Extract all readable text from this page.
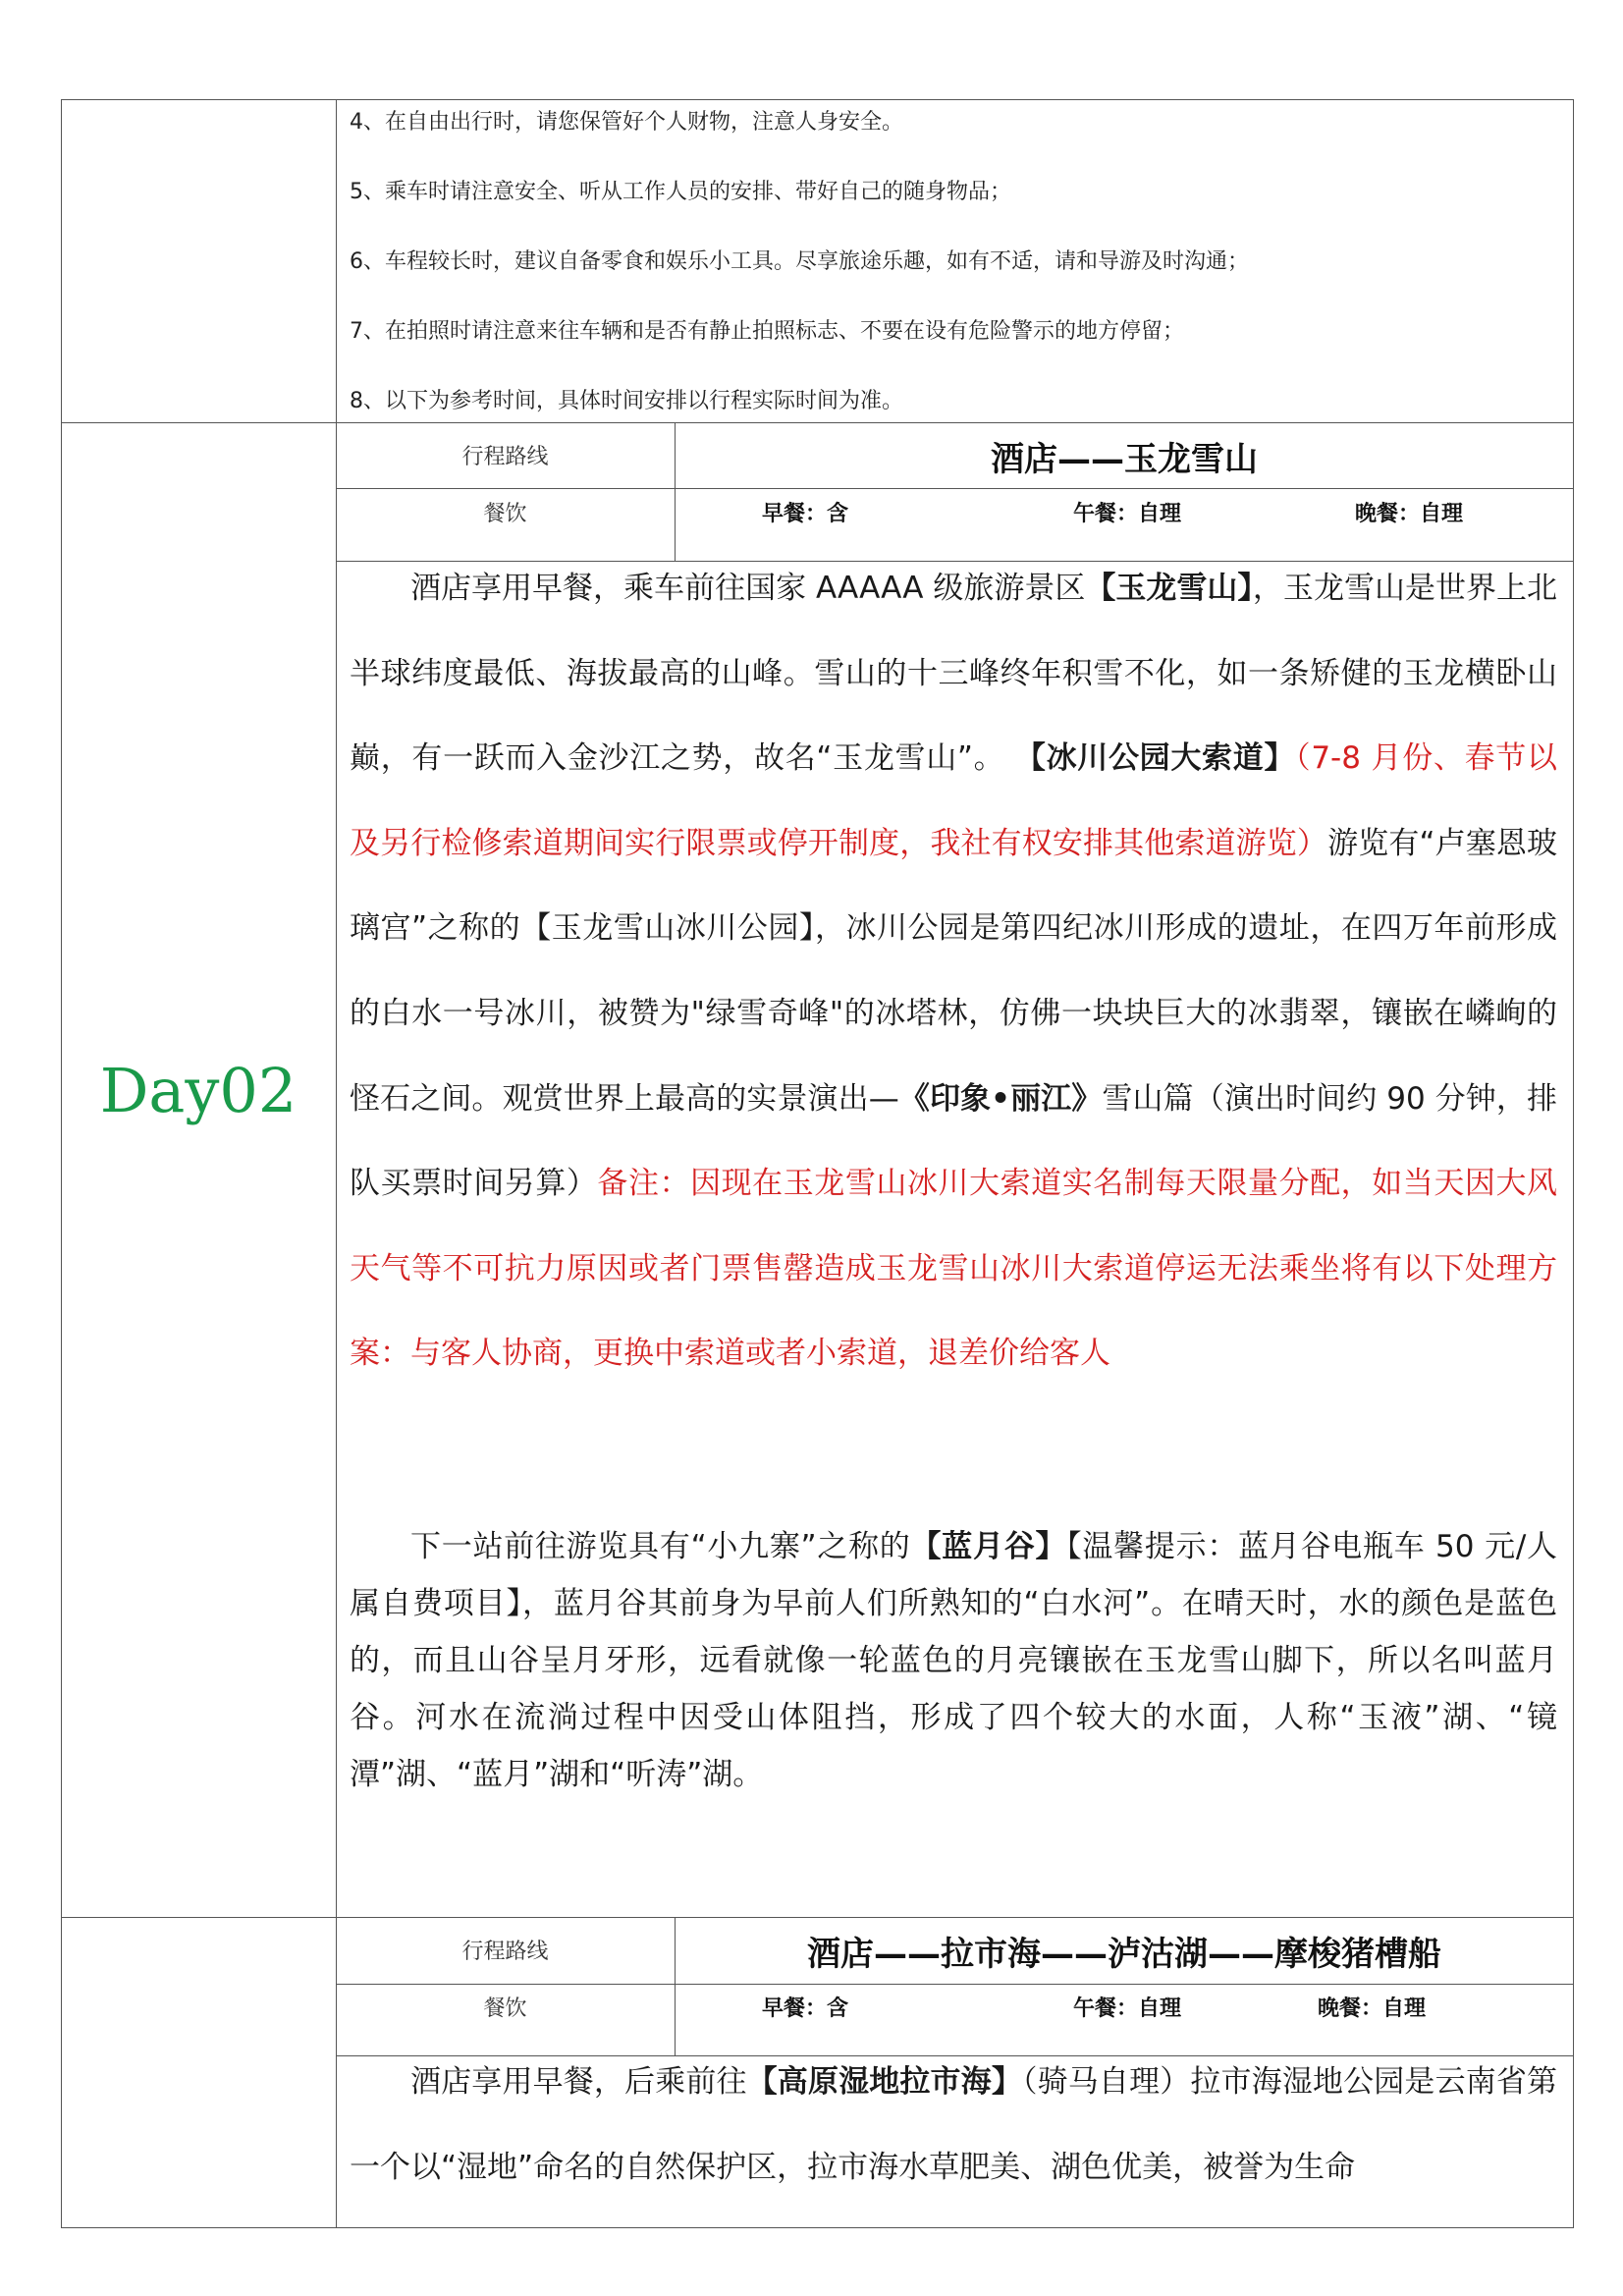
4、在自由出行时，请您保管好个人财物，注意人身安全。
5、乘车时请注意安全、听从工作人员的安排、带好自己的随身物品；
6、车程较长时，建议自备零食和娱乐小工具。尽享旅途乐趣，如有不适，请和导游及时沟通；
7、在拍照时请注意来往车辆和是否有静止拍照标志、不要在设有危险警示的地方停留；
8、以下为参考时间，具体时间安排以行程实际时间为准。
Day02
行程路线	酒店——玉龙雪山
餐饮	早餐：含	午餐：自理	晚餐：自理
酒店享用早餐，乘车前往国家 AAAAA 级旅游景区【玉龙雪山】，玉龙雪山是世界上北半球纬度最低、海拔最高的山峰。雪山的十三峰终年积雪不化，如一条矫健的玉龙横卧山巅，有一跃而入金沙江之势，故名“玉龙雪山”。 【冰川公园大索道】（7-8 月份、春节以及另行检修索道期间实行限票或停开制度，我社有权安排其他索道游览）游览有“卢塞恩玻璃宫”之称的【玉龙雪山冰川公园】，冰川公园是第四纪冰川形成的遗址，在四万年前形成的白水一号冰川，被赞为"绿雪奇峰"的冰塔林，仿佛一块块巨大的冰翡翠，镶嵌在嶙峋的怪石之间。观赏世界上最高的实景演出—《印象•丽江》雪山篇（演出时间约 90 分钟，排队买票时间另算）备注：因现在玉龙雪山冰川大索道实名制每天限量分配，如当天因大风天气等不可抗力原因或者门票售罄造成玉龙雪山冰川大索道停运无法乘坐将有以下处理方案：与客人协商，更换中索道或者小索道，退差价给客人
下一站前往游览具有“小九寨”之称的【蓝月谷】【温馨提示：蓝月谷电瓶车 50 元/人属自费项目】，蓝月谷其前身为早前人们所熟知的“白水河”。在晴天时，水的颜色是蓝色的，而且山谷呈月牙形，远看就像一轮蓝色的月亮镶嵌在玉龙雪山脚下，所以名叫蓝月谷。河水在流淌过程中因受山体阻挡，形成了四个较大的水面，人称“玉液”湖、“镜潭”湖、“蓝月”湖和“听涛”湖。
行程路线	酒店——拉市海——泸沽湖——摩梭猪槽船
餐饮	早餐：含	午餐：自理	晚餐：自理
酒店享用早餐，后乘前往【高原湿地拉市海】（骑马自理）拉市海湿地公园是云南省第一个以“湿地”命名的自然保护区，拉市海水草肥美、湖色优美，被誉为生命
